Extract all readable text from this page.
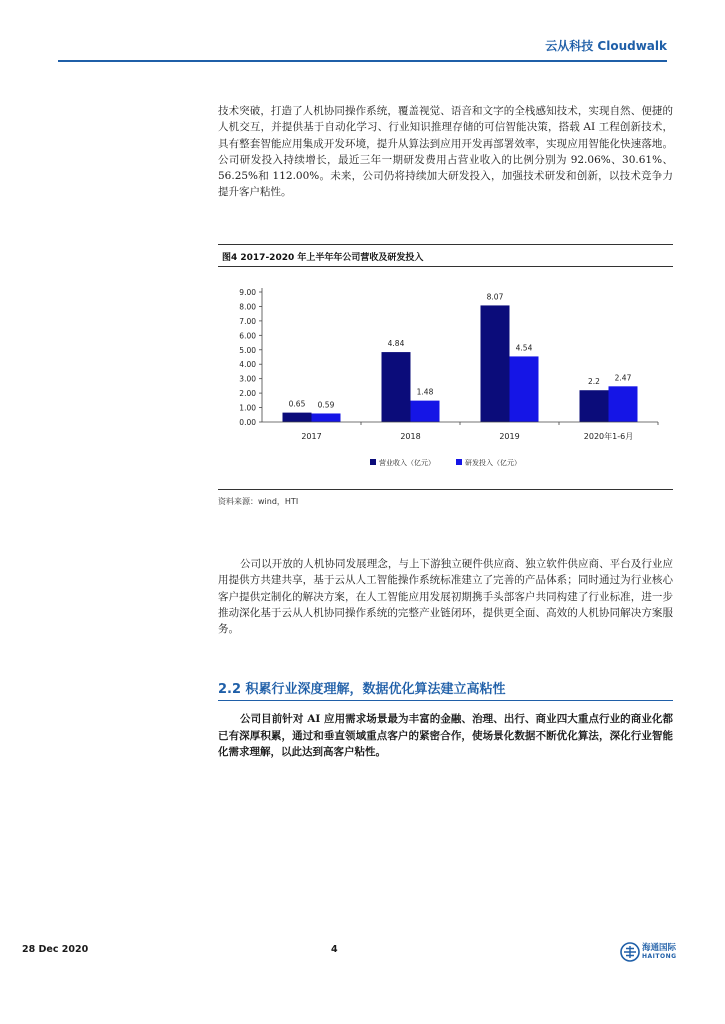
云从科技 Cloudwalk
技术突破，打造了人机协同操作系统，覆盖视觉、语音和文字的全栈感知技术，实现自然、便捷的人机交互，并提供基于自动化学习、行业知识推理存储的可信智能决策，搭载 AI 工程创新技术，具有整套智能应用集成开发环境，提升从算法到应用开发再部署效率，实现应用智能化快速落地。公司研发投入持续增长，最近三年一期研发费用占营业收入的比例分别为 92.06%、30.61%、56.25%和 112.00%。未来，公司仍将持续加大研发投入，加强技术研发和创新，以技术竞争力提升客户粘性。
图4 2017-2020 年上半年年公司营收及研发投入
0.00
1.00
2.00
3.00
4.00
5.00
6.00
7.00
8.00
9.00
0.65 0.59
4.84
1.48
8.07
4.54
2.2 2.47
2017	2018	2019	2020年1-6月
营业收入（亿元）	研发投入（亿元）
资料来源：wind，HTI
公司以开放的人机协同发展理念，与上下游独立硬件供应商、独立软件供应商、平台及行业应用提供方共建共享，基于云从人工智能操作系统标准建立了完善的产品体系；同时通过为行业核心客户提供定制化的解决方案，在人工智能应用发展初期携手头部客户共同构建了行业标准，进一步推动深化基于云从人机协同操作系统的完整产业链闭环，提供更全面、高效的人机协同解决方案服务。
2.2 积累行业深度理解，数据优化算法建立高粘性
公司目前针对 AI 应用需求场景最为丰富的金融、治理、出行、商业四大重点行业的商业化都已有深厚积累，通过和垂直领域重点客户的紧密合作，使场景化数据不断优化算法，深化行业智能化需求理解，以此达到高客户粘性。
28 Dec 2020	4	海通国际
HAITONG
